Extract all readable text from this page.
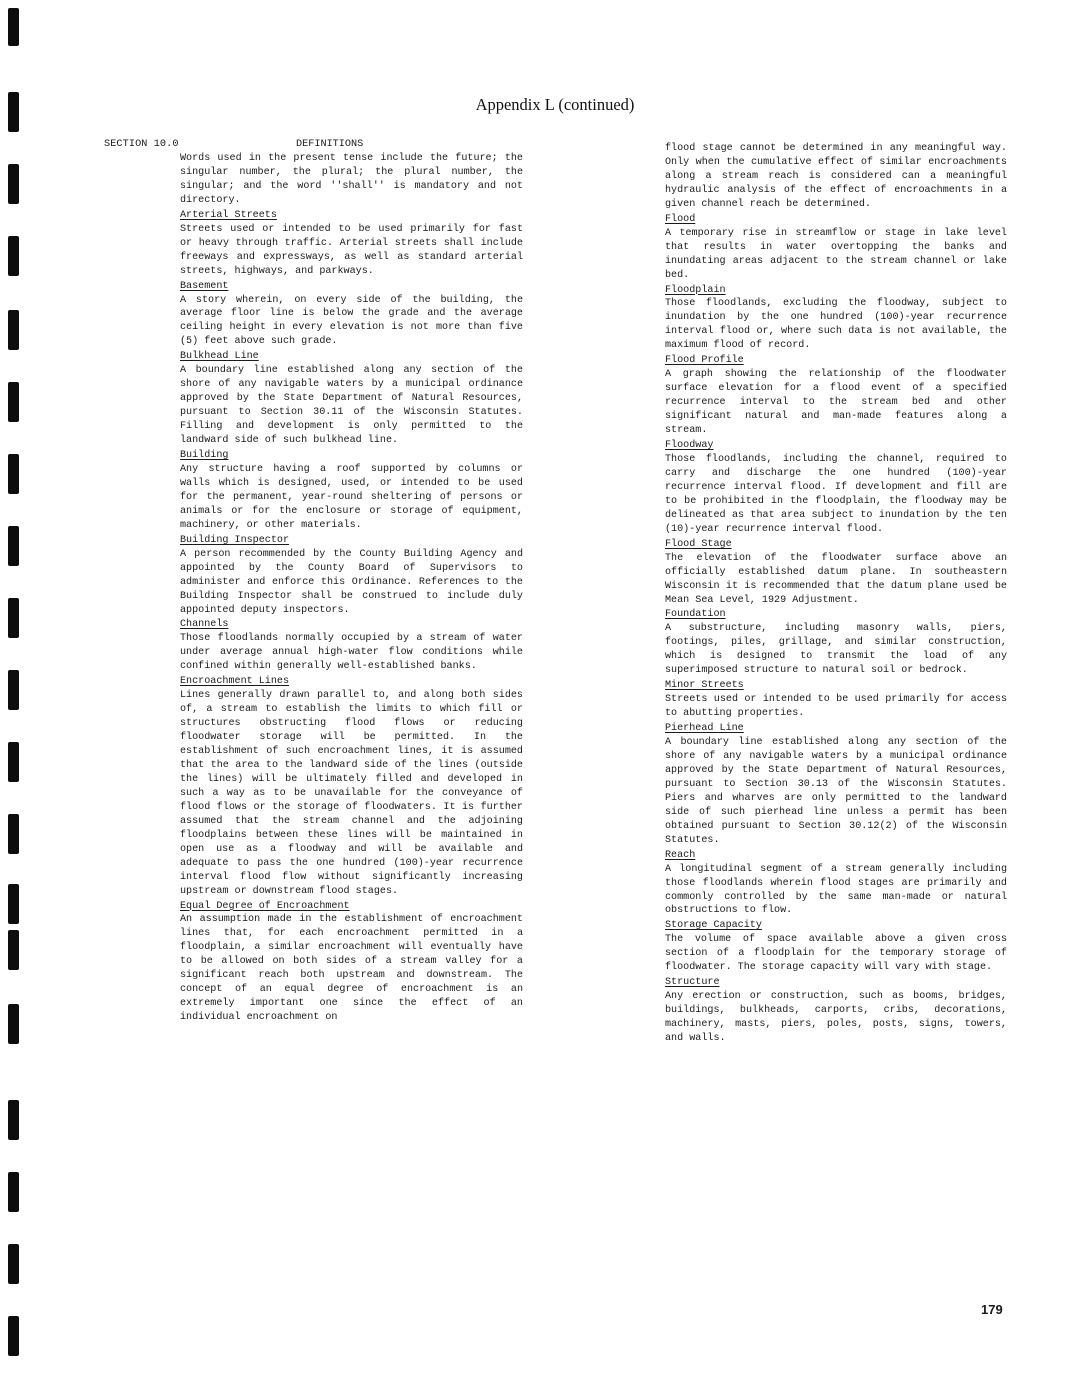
Appendix L (continued)
SECTION 10.0	DEFINITIONS

Words used in the present tense include the future; the singular number, the plural; the plural number, the singular; and the word ''shall'' is mandatory and not directory.

Arterial Streets

Streets used or intended to be used primarily for fast or heavy through traffic. Arterial streets shall include freeways and expressways, as well as standard arterial streets, highways, and parkways.

Basement

A story wherein, on every side of the building, the average floor line is below the grade and the average ceiling height in every elevation is not more than five (5) feet above such grade.

Bulkhead Line

A boundary line established along any section of the shore of any navigable waters by a municipal ordinance approved by the State Department of Natural Resources, pursuant to Section 30.11 of the Wisconsin Statutes. Filling and development is only permitted to the landward side of such bulkhead line.

Building

Any structure having a roof supported by columns or walls which is designed, used, or intended to be used for the permanent, year-round sheltering of persons or animals or for the enclosure or storage of equipment, machinery, or other materials.

Building Inspector

A person recommended by the County Building Agency and appointed by the County Board of Supervisors to administer and enforce this Ordinance. References to the Building Inspector shall be construed to include duly appointed deputy inspectors.

Channels

Those floodlands normally occupied by a stream of water under average annual high-water flow conditions while confined within generally well-established banks.

Encroachment Lines

Lines generally drawn parallel to, and along both sides of, a stream to establish the limits to which fill or structures obstructing flood flows or reducing floodwater storage will be permitted. In the establishment of such encroachment lines, it is assumed that the area to the landward side of the lines (outside the lines) will be ultimately filled and developed in such a way as to be unavailable for the conveyance of flood flows or the storage of floodwaters. It is further assumed that the stream channel and the adjoining floodplains between these lines will be maintained in open use as a floodway and will be available and adequate to pass the one hundred (100)-year recurrence interval flood flow without significantly increasing upstream or downstream flood stages.

Equal Degree of Encroachment

An assumption made in the establishment of encroachment lines that, for each encroachment permitted in a floodplain, a similar encroachment will eventually have to be allowed on both sides of a stream valley for a significant reach both upstream and downstream. The concept of an equal degree of encroachment is an extremely important one since the effect of an individual encroachment on

flood stage cannot be determined in any meaningful way. Only when the cumulative effect of similar encroachments along a stream reach is considered can a meaningful hydraulic analysis of the effect of encroachments in a given channel reach be determined.

Flood

A temporary rise in streamflow or stage in lake level that results in water overtopping the banks and inundating areas adjacent to the stream channel or lake bed.

Floodplain

Those floodlands, excluding the floodway, subject to inundation by the one hundred (100)-year recurrence interval flood or, where such data is not available, the maximum flood of record.

Flood Profile

A graph showing the relationship of the floodwater surface elevation for a flood event of a specified recurrence interval to the stream bed and other significant natural and man-made features along a stream.

Floodway

Those floodlands, including the channel, required to carry and discharge the one hundred (100)-year recurrence interval flood. If development and fill are to be prohibited in the floodplain, the floodway may be delineated as that area subject to inundation by the ten (10)-year recurrence interval flood.

Flood Stage

The elevation of the floodwater surface above an officially established datum plane. In southeastern Wisconsin it is recommended that the datum plane used be Mean Sea Level, 1929 Adjustment.

Foundation

A substructure, including masonry walls, piers, footings, piles, grillage, and similar construction, which is designed to transmit the load of any superimposed structure to natural soil or bedrock.

Minor Streets

Streets used or intended to be used primarily for access to abutting properties.

Pierhead Line

A boundary line established along any section of the shore of any navigable waters by a municipal ordinance approved by the State Department of Natural Resources, pursuant to Section 30.13 of the Wisconsin Statutes. Piers and wharves are only permitted to the landward side of such pierhead line unless a permit has been obtained pursuant to Section 30.12(2) of the Wisconsin Statutes.

Reach

A longitudinal segment of a stream generally including those floodlands wherein flood stages are primarily and commonly controlled by the same man-made or natural obstructions to flow.

Storage Capacity

The volume of space available above a given cross section of a floodplain for the temporary storage of floodwater. The storage capacity will vary with stage.

Structure

Any erection or construction, such as booms, bridges, buildings, bulkheads, carports, cribs, decorations, machinery, masts, piers, poles, posts, signs, towers, and walls.

179
